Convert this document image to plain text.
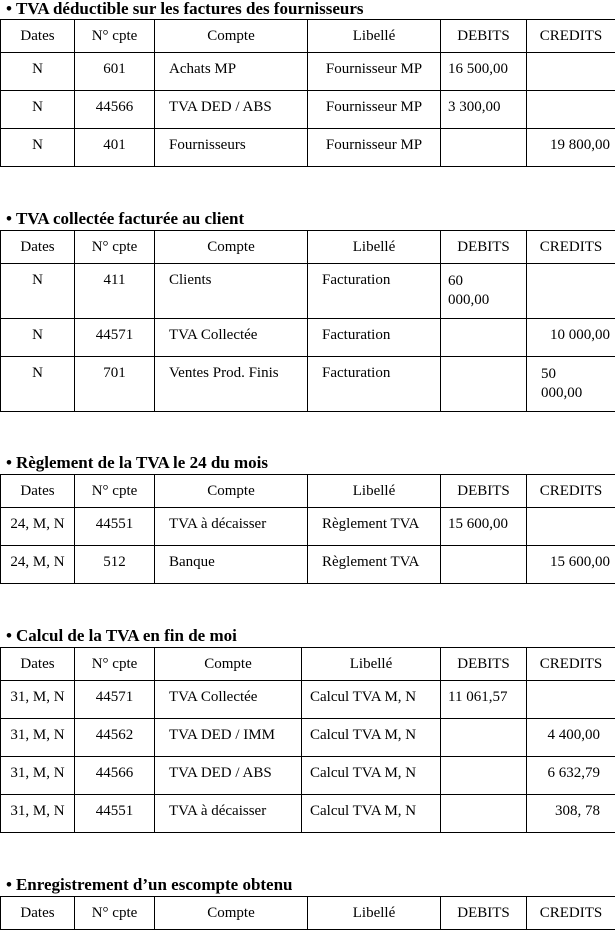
• TVA déductible sur les factures des fournisseurs
Dates	N° cpte	Compte	Libellé	DEBITS	CREDITS
N	601	Achats MP	Fournisseur MP	16 500,00	
N	44566	TVA DED / ABS	Fournisseur MP	3 300,00	
N	401	Fournisseurs	Fournisseur MP		19 800,00
• TVA collectée facturée au client
Dates	N° cpte	Compte	Libellé	DEBITS	CREDITS
N	411	Clients	Facturation	60 000,00	
N	44571	TVA Collectée	Facturation		10 000,00
N	701	Ventes Prod. Finis	Facturation		50 000,00
• Règlement de la TVA le 24 du mois
Dates	N° cpte	Compte	Libellé	DEBITS	CREDITS
24, M, N	44551	TVA à décaisser	Règlement TVA	15 600,00	
24, M, N	512	Banque	Règlement TVA		15 600,00
• Calcul de la TVA en fin de moi
Dates	N° cpte	Compte	Libellé	DEBITS	CREDITS
31, M, N	44571	TVA Collectée	Calcul TVA M, N	11 061,57	
31, M, N	44562	TVA DED / IMM	Calcul TVA M, N		4 400,00
31, M, N	44566	TVA DED / ABS	Calcul TVA M, N		6 632,79
31, M, N	44551	TVA à décaisser	Calcul TVA M, N		308, 78
• Enregistrement d’un escompte obtenu
Dates	N° cpte	Compte	Libellé	DEBITS	CREDITS
